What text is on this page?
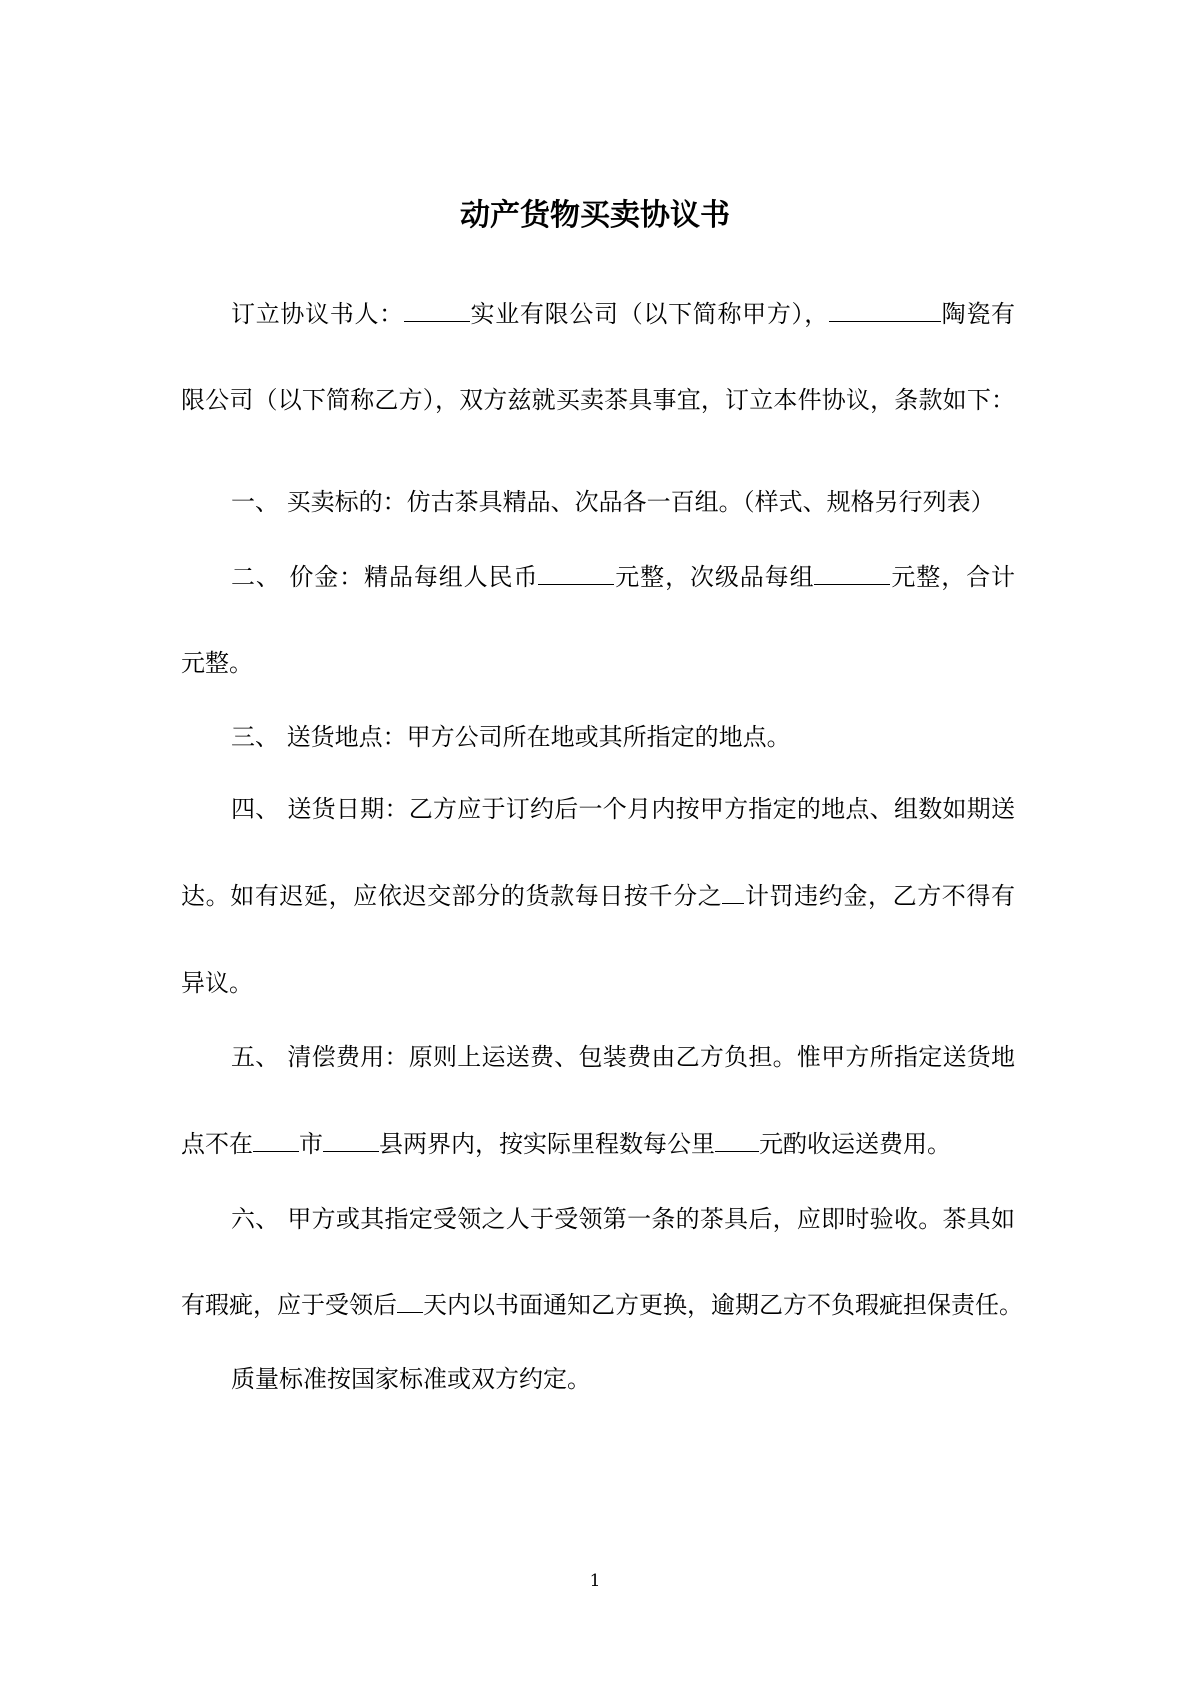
动产货物买卖协议书
订立协议书人：	实业有限公司（以下简称甲方），	陶瓷有
限公司（以下简称乙方），双方兹就买卖茶具事宜，订立本件协议，条款如下：
一、 买卖标的：仿古茶具精品、次品各一百组。（样式、规格另行列表）
二、 价金：精品每组人民币	元整，次级品每组	元整，合计
元整。
三、 送货地点：甲方公司所在地或其所指定的地点。
四、 送货日期：乙方应于订约后一个月内按甲方指定的地点、组数如期送
达。如有迟延，应依迟交部分的货款每日按千分之 计罚违约金，乙方不得有
异议。
五、 清偿费用：原则上运送费、包装费由乙方负担。惟甲方所指定送货地
点不在 市 县两界内，按实际里程数每公里 元酌收运送费用。
六、 甲方或其指定受领之人于受领第一条的茶具后，应即时验收。茶具如
有瑕疵，应于受领后 天内以书面通知乙方更换，逾期乙方不负瑕疵担保责任。
质量标准按国家标准或双方约定。
1
